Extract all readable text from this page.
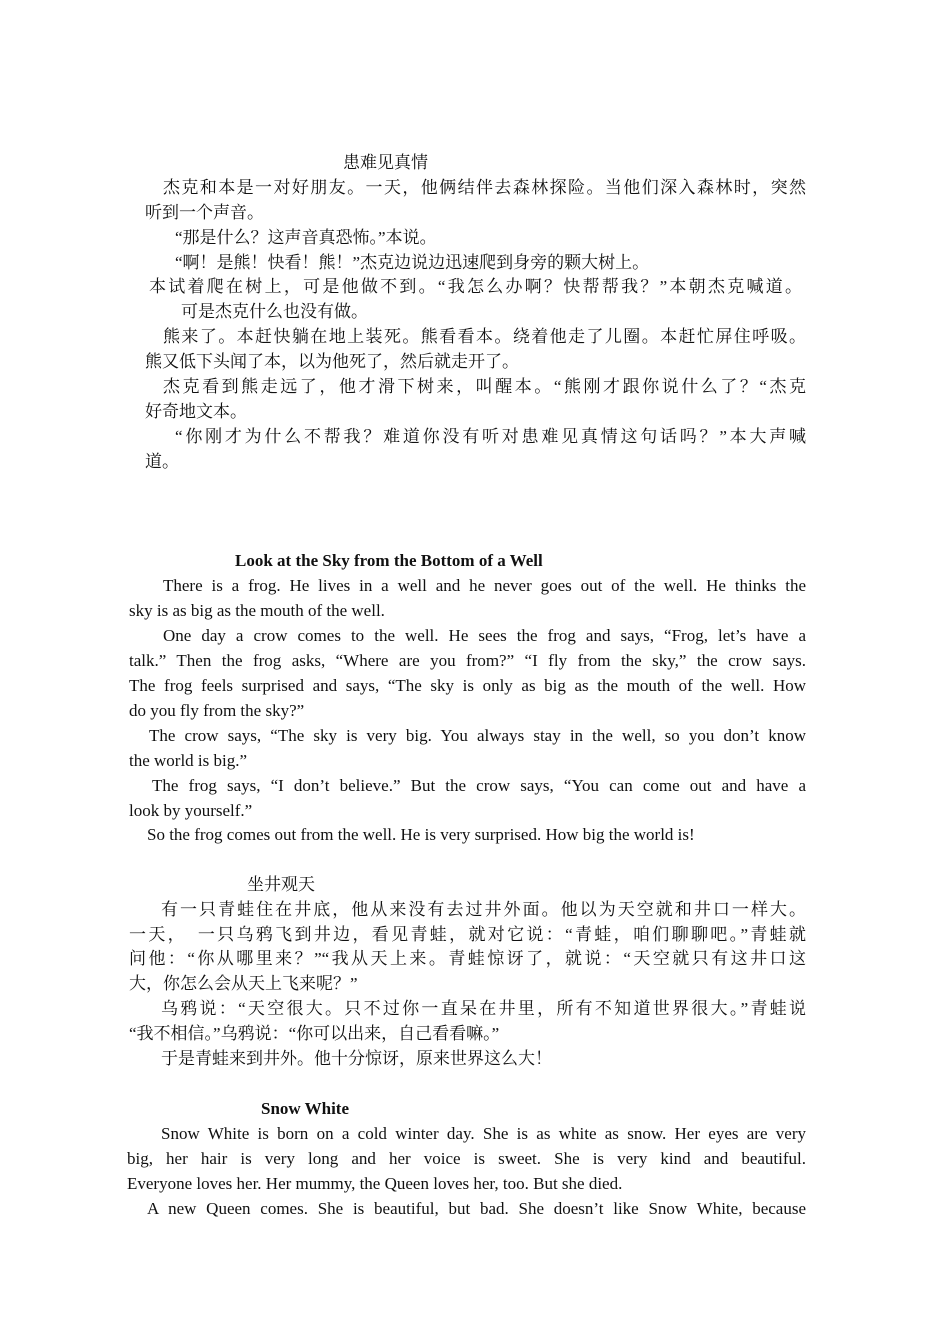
患难见真情
杰克和本是一对好朋友。一天，他俩结伴去森林探险。当他们深入森林时，突然
听到一个声音。
“那是什么？这声音真恐怖。”本说。
“啊！是熊！快看！熊！”杰克边说边迅速爬到身旁的颗大树上。
本试着爬在树上，可是他做不到。“我怎么办啊？快帮帮我？”本朝杰克喊道。
可是杰克什么也没有做。
熊来了。本赶快躺在地上装死。熊看看本。绕着他走了儿圈。本赶忙屏住呼吸。
熊又低下头闻了本，以为他死了，然后就走开了。
杰克看到熊走远了，他才滑下树来，叫醒本。“熊刚才跟你说什么了？“杰克
好奇地文本。
“你刚才为什么不帮我？难道你没有听对患难见真情这句话吗？”本大声喊
道。
Look at the Sky from the Bottom of a Well
There is a frog. He lives in a well and he never goes out of the well. He thinks the
sky is as big as the mouth of the well.
One day a crow comes to the well. He sees the frog and says, “Frog, let’s have a
talk.” Then the frog asks, “Where are you from?” “I fly from the sky,” the crow says.
The frog feels surprised and says, “The sky is only as big as the mouth of the well. How
do you fly from the sky?”
The crow says, “The sky is very big. You always stay in the well, so you don’t know
the world is big.”
The frog says, “I don’t believe.” But the crow says, “You can come out and have a
look by yourself.”
So the frog comes out from the well. He is very surprised. How big the world is!
坐井观天
有一只青蛙住在井底，他从来没有去过井外面。他以为天空就和井口一样大。
一天，　一只乌鸦飞到井边，看见青蛙，就对它说：“青蛙，咱们聊聊吧。”青蛙就
问他：“你从哪里来？”“我从天上来。青蛙惊讶了，就说：“天空就只有这井口这
大，你怎么会从天上飞来呢？”
乌鸦说：“天空很大。只不过你一直呆在井里，所有不知道世界很大。”青蛙说
“我不相信。”乌鸦说：“你可以出来，自己看看嘛。”
于是青蛙来到井外。他十分惊讶，原来世界这么大！
Snow White
Snow White is born on a cold winter day. She is as white as snow. Her eyes are very
big, her hair is very long and her voice is sweet. She is very kind and beautiful.
Everyone loves her. Her mummy, the Queen loves her, too. But she died.
A new Queen comes. She is beautiful, but bad. She doesn’t like Snow White, because
